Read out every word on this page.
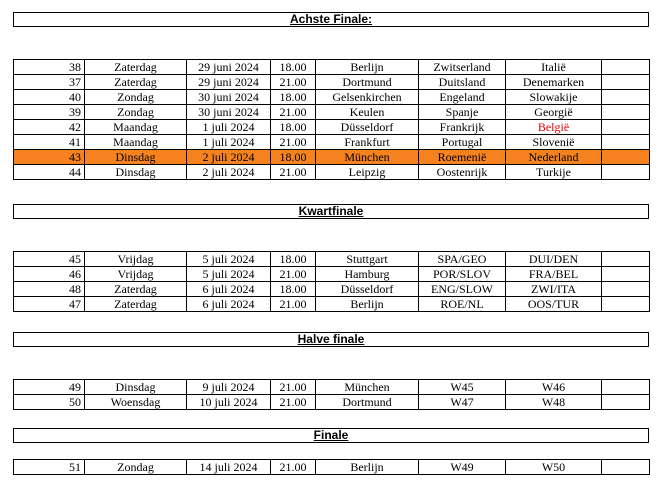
Achste Finale:
38	Zaterdag	29 juni 2024	18.00	Berlijn	Zwitserland	Italië	
37	Zaterdag	29 juni 2024	21.00	Dortmund	Duitsland	Denemarken	
40	Zondag	30 juni 2024	18.00	Gelsenkirchen	Engeland	Slowakije	
39	Zondag	30 juni 2024	21.00	Keulen	Spanje	Georgië	
42	Maandag	1 juli 2024	18.00	Düsseldorf	Frankrijk	België	
41	Maandag	1 juli 2024	21.00	Frankfurt	Portugal	Slovenië	
43	Dinsdag	2 juli 2024	18.00	München	Roemenië	Nederland	
44	Dinsdag	2 juli 2024	21.00	Leipzig	Oostenrijk	Turkije	
Kwartfinale
45	Vrijdag	5 juli 2024	18.00	Stuttgart	SPA/GEO	DUI/DEN	
46	Vrijdag	5 juli 2024	21.00	Hamburg	POR/SLOV	FRA/BEL	
48	Zaterdag	6 juli 2024	18.00	Düsseldorf	ENG/SLOW	ZWI/ITA	
47	Zaterdag	6 juli 2024	21.00	Berlijn	ROE/NL	OOS/TUR	
Halve finale
49	Dinsdag	9 juli 2024	21.00	München	W45	W46	
50	Woensdag	10 juli 2024	21.00	Dortmund	W47	W48	
Finale
51	Zondag	14 juli 2024	21.00	Berlijn	W49	W50	
